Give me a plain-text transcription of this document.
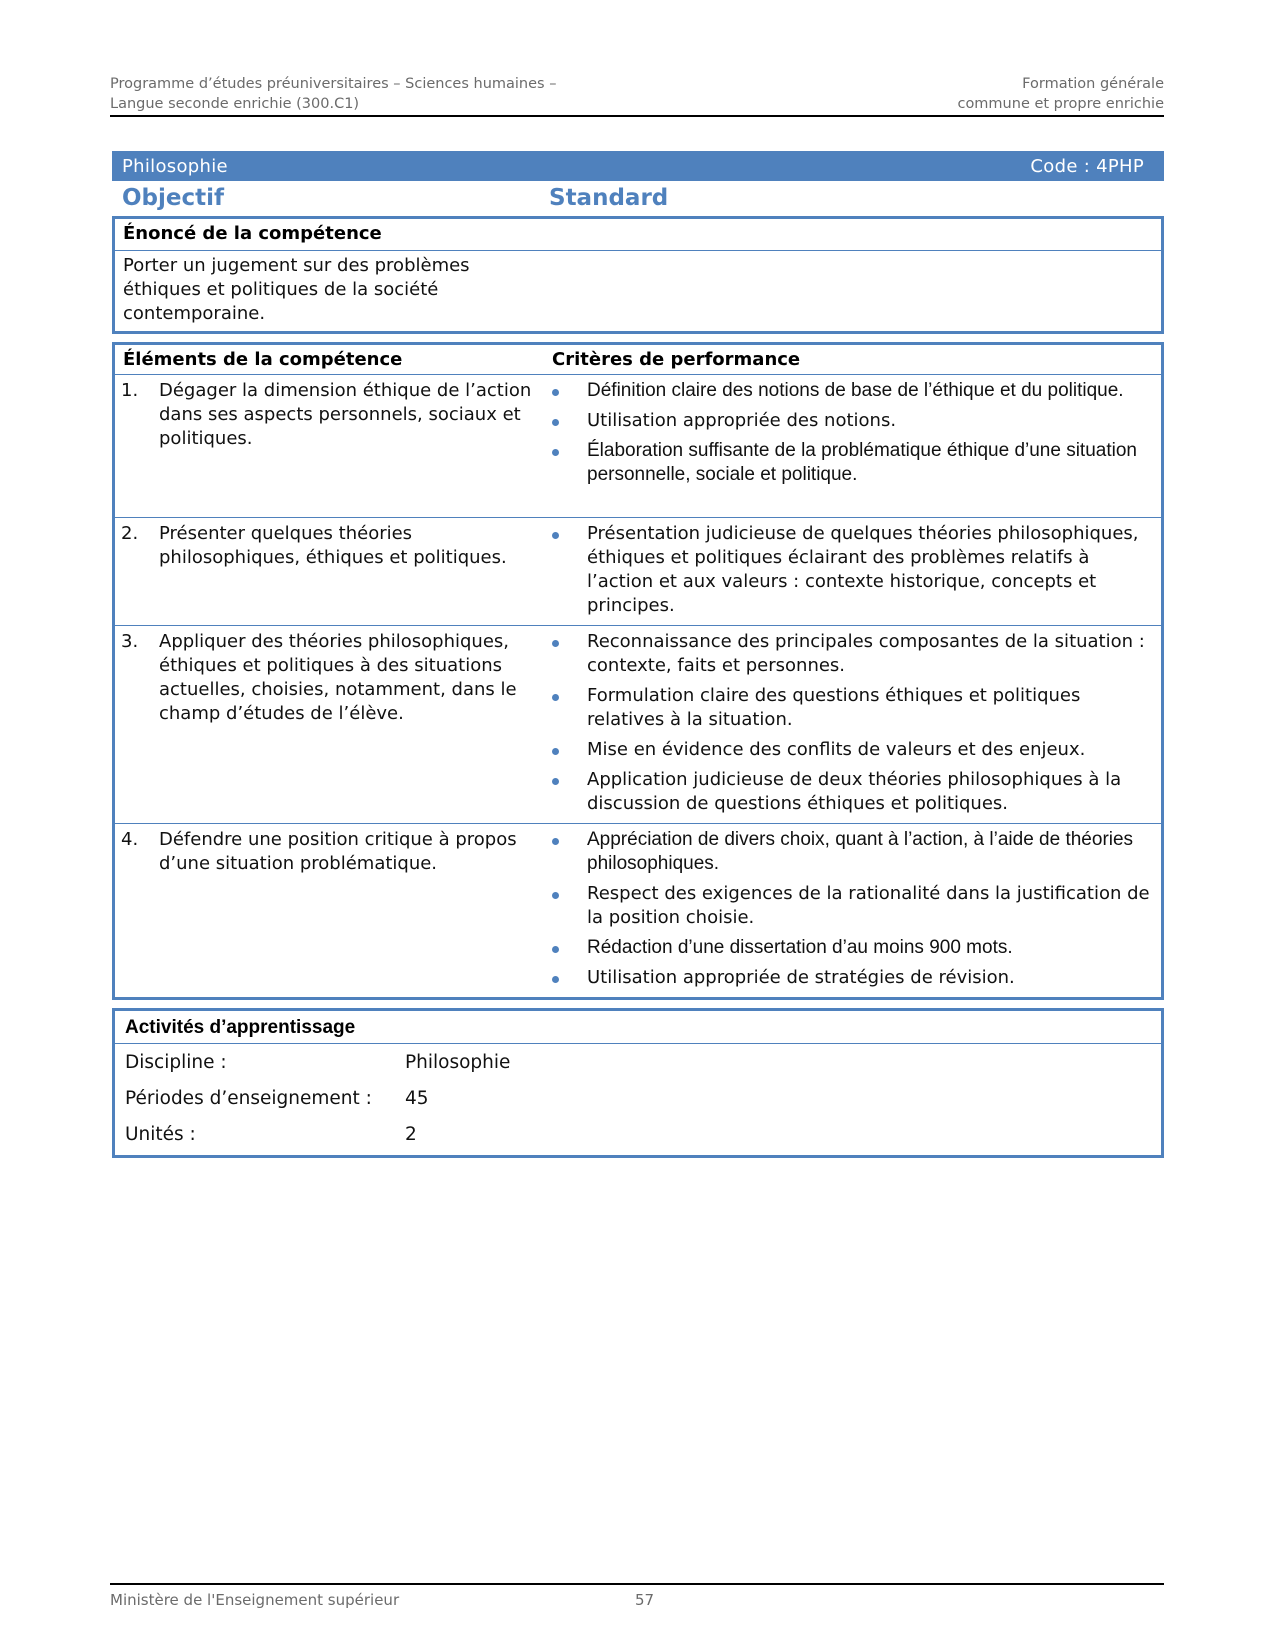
Programme d’études préuniversitaires – Sciences humaines –
Langue seconde enrichie (300.C1)
Formation générale
commune et propre enrichie
Philosophie	Code : 4PHP
Objectif	Standard
Énoncé de la compétence
Porter un jugement sur des problèmes éthiques et politiques de la société contemporaine.
Éléments de la compétence	Critères de performance
1.	Dégager la dimension éthique de l’action dans ses aspects personnels, sociaux et politiques.
Définition claire des notions de base de l’éthique et du politique.
Utilisation appropriée des notions.
Élaboration suffisante de la problématique éthique d’une situation personnelle, sociale et politique.
2.	Présenter quelques théories philosophiques, éthiques et politiques.
Présentation judicieuse de quelques théories philosophiques, éthiques et politiques éclairant des problèmes relatifs à l’action et aux valeurs : contexte historique, concepts et principes.
3.	Appliquer des théories philosophiques, éthiques et politiques à des situations actuelles, choisies, notamment, dans le champ d’études de l’élève.
Reconnaissance des principales composantes de la situation : contexte, faits et personnes.
Formulation claire des questions éthiques et politiques relatives à la situation.
Mise en évidence des conflits de valeurs et des enjeux.
Application judicieuse de deux théories philosophiques à la discussion de questions éthiques et politiques.
4.	Défendre une position critique à propos d’une situation problématique.
Appréciation de divers choix, quant à l’action, à l’aide de théories philosophiques.
Respect des exigences de la rationalité dans la justification de la position choisie.
Rédaction d’une dissertation d’au moins 900 mots.
Utilisation appropriée de stratégies de révision.
Activités d’apprentissage
Discipline :	Philosophie
Périodes d’enseignement :	45
Unités :	2
Ministère de l'Enseignement supérieur	57
